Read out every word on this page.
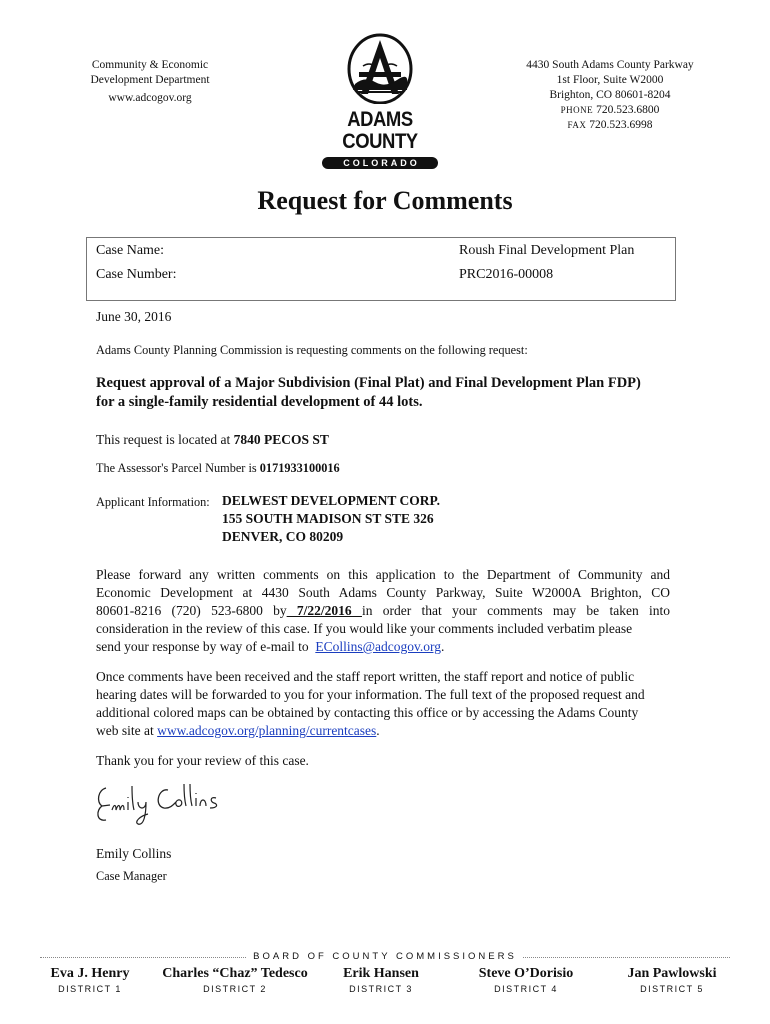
Community & Economic
Development Department
www.adcogov.org
ADAMS COUNTY
COLORADO
4430 South Adams County Parkway
1st Floor, Suite W2000
Brighton, CO 80601-8204
PHONE 720.523.6800
FAX 720.523.6998
Request for Comments
Case Name:	Roush Final Development Plan
Case Number:	PRC2016-00008
June 30, 2016
Adams County Planning Commission is requesting comments on the following request:
Request approval of a Major Subdivision (Final Plat) and Final Development Plan FDP)
for a single-family residential development of 44 lots.
This request is located at 7840 PECOS ST
The Assessor's Parcel Number is 0171933100016
Applicant Information: DELWEST DEVELOPMENT CORP.
155 SOUTH MADISON ST STE 326
DENVER, CO 80209
Please forward any written comments on this application to the Department of Community and
Economic Development at 4430 South Adams County Parkway, Suite W2000A Brighton, CO
80601-8216 (720) 523-6800 by 7/22/2016 in order that your comments may be taken into
consideration in the review of this case. If you would like your comments included verbatim please
send your response by way of e-mail to ECollins@adcogov.org.
Once comments have been received and the staff report written, the staff report and notice of public
hearing dates will be forwarded to you for your information. The full text of the proposed request and
additional colored maps can be obtained by contacting this office or by accessing the Adams County
web site at www.adcogov.org/planning/currentcases.
Thank you for your review of this case.
Emily Collins
Case Manager
BOARD OF COUNTY COMMISSIONERS
Eva J. Henry
DISTRICT 1
Charles “Chaz” Tedesco
DISTRICT 2
Erik Hansen
DISTRICT 3
Steve O’Dorisio
DISTRICT 4
Jan Pawlowski
DISTRICT 5
